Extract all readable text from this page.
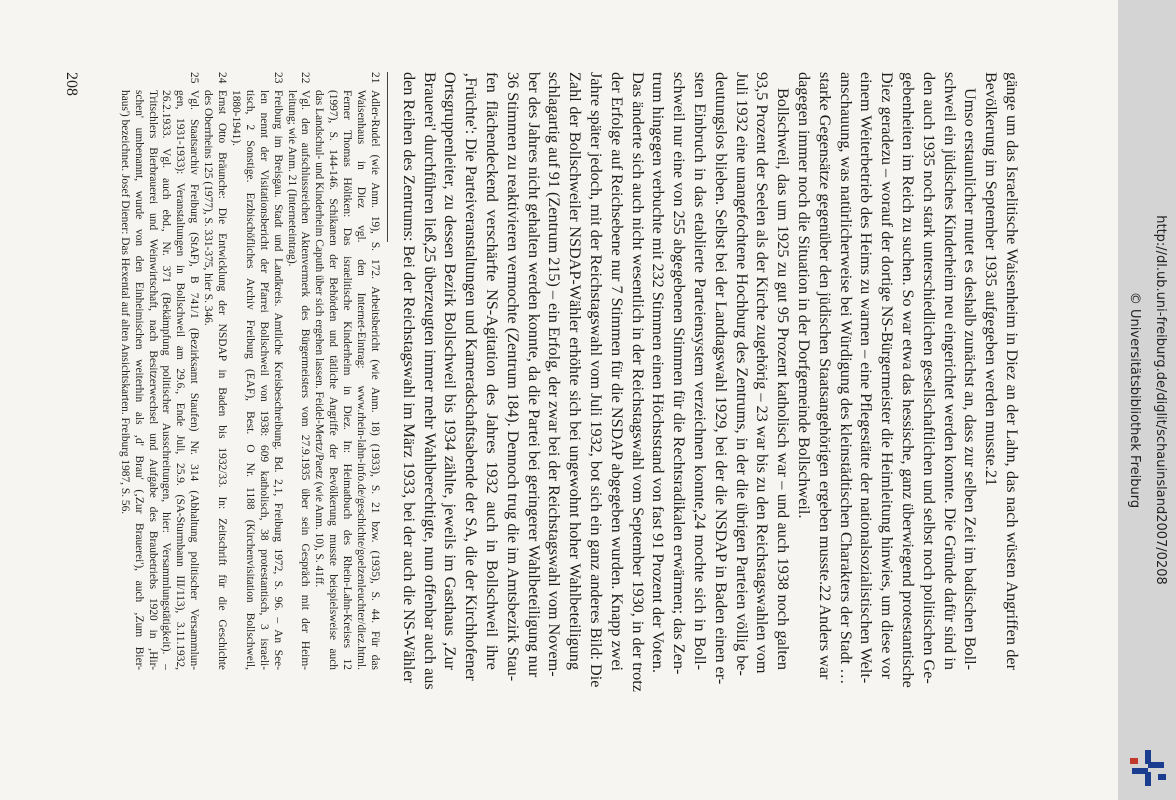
gänge um das Israelitische Waisenheim in Diez an der Lahn, das nach wüsten Angriffen der
Bevölkerung im September 1935 aufgegeben werden musste.21
Umso erstaunlicher mutet es deshalb zunächst an, dass zur selben Zeit im badischen Boll-
schweil ein jüdisches Kinderheim neu eingerichtet werden konnte. Die Gründe dafür sind in
den auch 1935 noch stark unterschiedlichen gesellschaftlichen und selbst noch politischen Ge-
gebenheiten im Reich zu suchen. So war etwa das hessische, ganz überwiegend protestantische
Diez geradezu – worauf der dortige NS-Bürgermeister die Heimleitung hinwies, um diese vor
einem Weiterbetrieb des Heims zu warnen – eine Pflegestätte der nationalsozialistischen Welt-
anschauung, was natürlicherweise bei Würdigung des kleinstädtischen Charakters der Stadt …
starke Gegensätze gegenüber den jüdischen Staatsangehörigen ergeben musste.22 Anders war
dagegen immer noch die Situation in der Dorfgemeinde Bollschweil.
Bollschweil, das um 1925 zu gut 95 Prozent katholisch war – und auch 1938 noch galten
93,5 Prozent der Seelen als der Kirche zugehörig – 23 war bis zu den Reichstagswahlen vom
Juli 1932 eine unangefochtene Hochburg des Zentrums, in der die übrigen Parteien völlig be-
deutungslos blieben. Selbst bei der Landtagswahl 1929, bei der die NSDAP in Baden einen er-
sten Einbruch in das etablierte Parteiensystem verzeichnen konnte,24 mochte sich in Boll-
schweil nur eine von 255 abgegebenen Stimmen für die Rechtsradikalen erwärmen; das Zen-
trum hingegen verbuchte mit 232 Stimmen einen Höchststand von fast 91 Prozent der Voten.
Das änderte sich auch nicht wesentlich in der Reichstagswahl vom September 1930, in der trotz
der Erfolge auf Reichsebene nur 7 Stimmen für die NSDAP abgegeben wurden. Knapp zwei
Jahre später jedoch, mit der Reichstagswahl vom Juli 1932, bot sich ein ganz anderes Bild: Die
Zahl der Bollschweiler NSDAP-Wähler erhöhte sich bei ungewohnt hoher Wahlbeteiligung
schlagartig auf 91 (Zentrum 215) – ein Erfolg, der zwar bei der Reichstagswahl vom Novem-
ber des Jahres nicht gehalten werden konnte, da die Partei bei geringerer Wahlbeteiligung nur
36 Stimmen zu reaktivieren vermochte (Zentrum 184). Dennoch trug die im Amtsbezirk Stau-
fen flächendeckend verschärfte NS-Agitation des Jahres 1932 auch in Bollschweil ihre
‚Früchte': Die Parteiveranstaltungen und Kameradschaftsabende der SA, die der Kirchhofener
Ortsgruppenleiter, zu dessen Bezirk Bollschweil bis 1934 zählte, jeweils im Gasthaus ‚Zur
Brauerei' durchführen ließ,25 überzeugten immer mehr Wahlberechtigte, nun offenbar auch aus
den Reihen des Zentrums: Bei der Reichstagswahl im März 1933, bei der auch die NS-Wähler
21
Adler-Rudel (wie Anm. 19), S. 172. Arbeitsbericht (wie Anm. 18) (1933), S. 21 bzw. (1935), S. 44. Für das
Waisenhaus in Diez vgl. den Internet-Eintrag: www.rhein-lahn-info.de/geschichte/goelzenleuchter/diez.html.
Ferner Thomas Höltken: Das israelitische Kinderheim in Diez. In: Heimatbuch des Rhein-Lahn-Kreises 12
(1997), S. 144-146. Schikanen der Behörden und tätliche Angriffe der Bevölkerung musste beispielsweise auch
das Landschul- und Kinderheim Caputh über sich ergehen lassen. Feidel-Mertz/Paetz (wie Anm. 10), S. 41ff.
22
Vgl. den aufschlussreichen Aktenvermerk des Bürgermeisters vom 27.9.1935 über sein Gespräch mit der Heim-
leitung; wie Anm. 21 (Interneteintrag).
23
Freiburg im Breisgau. Stadt und Landkreis. Amtliche Kreisbeschreibung. Bd. 2,1, Freiburg 1972, S. 96. – An See-
len nennt der Visitationsbericht der Pfarrei Bollschweil von 1938: 609 katholisch, 38 protestantisch, 3 israeli-
tisch, 2 Sonstige. Erzbischöfliches Archiv Freiburg (EAF), Best. O Nr. 1188 (Kirchenvisitation Bollschweil,
1880-1941).
24
Ernst Otto Bräunche: Die Entwicklung der NSDAP in Baden bis 1932/33. In: Zeitschrift für die Geschichte
des Oberrheins 125 (1977), S. 331-375, hier S. 346.
25
Vgl. Staatsarchiv Freiburg (StAF), B 741/1 (Bezirksamt Staufen) Nr. 314 (Abhaltung politischer Versammlun-
gen, 1931-1933): Veranstaltungen in Bollschweil am 29.6., Ende Juli, 25.9. (SA-Sturmbann III/113), 3.11.1932,
26.2.1933. Vgl. auch ebd., Nr. 371 (Bekämpfung politischer Ausschreitungen, hier: Versammlungstätigkeit). –
Tritschlers Bierbrauerei und Weinwirtschaft, nach Besitzerwechsel und Aufgabe des Braubetriebs 1920 in ‚Hir-
schen' umbenannt, wurde von den Einheimischen weiterhin als ‚d' Brau' (‚Zur Brauerei'), auch ‚Zum Bier-
haus') bezeichnet. Josef Diener: Das Hexental auf alten Ansichtskarten. Freiburg 1987, S. 56.
208
http://dl.ub.uni-freiburg.de/diglit/schauinsland2007/0208
© Universitätsbibliothek Freiburg
